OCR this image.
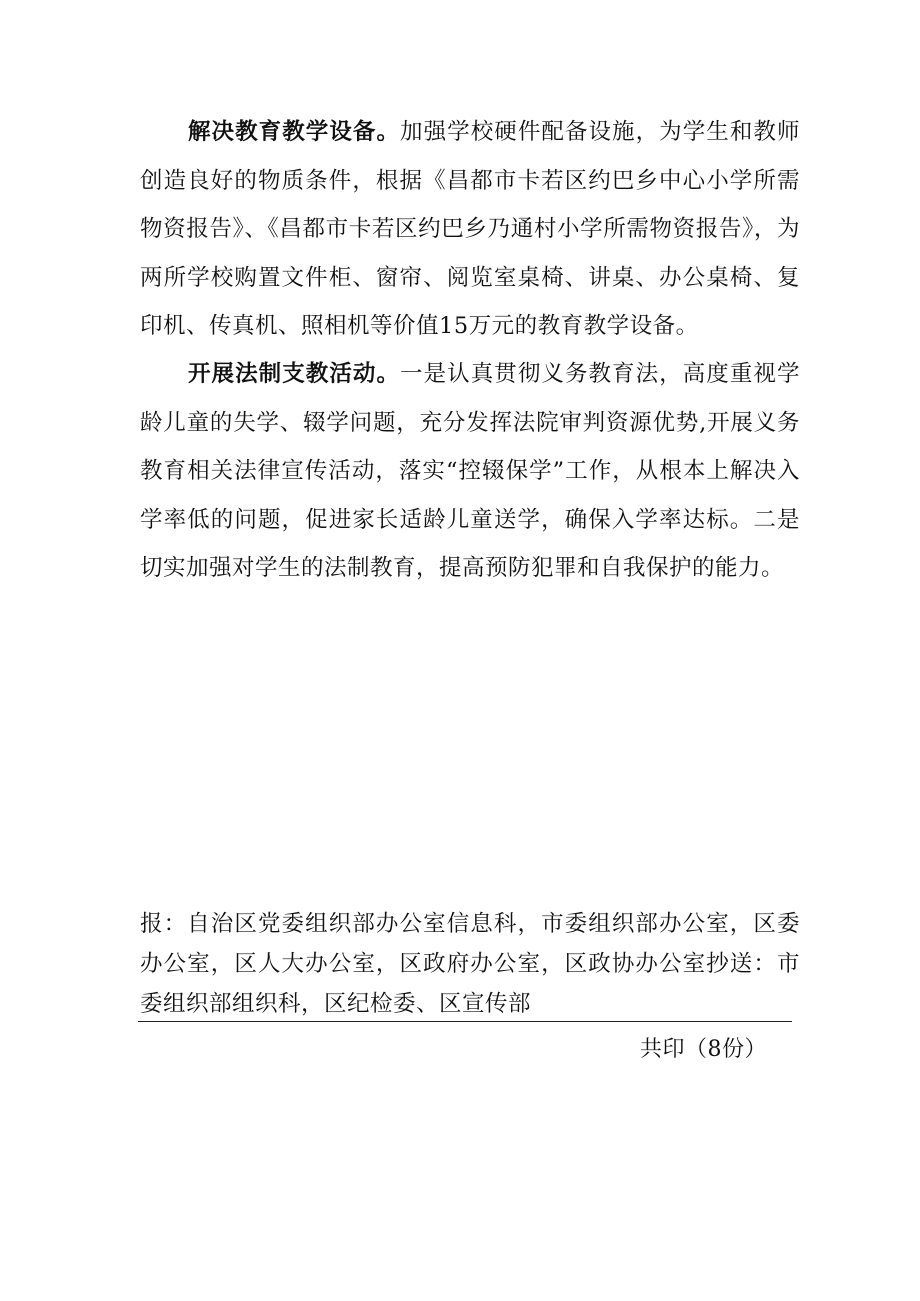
解决教育教学设备。加强学校硬件配备设施，为学生和教师创造良好的物质条件，根据《昌都市卡若区约巴乡中心小学所需物资报告》、《昌都市卡若区约巴乡乃通村小学所需物资报告》，为两所学校购置文件柜、窗帘、阅览室桌椅、讲桌、办公桌椅、复印机、传真机、照相机等价值15万元的教育教学设备。

开展法制支教活动。一是认真贯彻义务教育法，高度重视学龄儿童的失学、辍学问题，充分发挥法院审判资源优势,开展义务教育相关法律宣传活动，落实“控辍保学”工作，从根本上解决入学率低的问题，促进家长适龄儿童送学，确保入学率达标。二是切实加强对学生的法制教育，提高预防犯罪和自我保护的能力。

报：自治区党委组织部办公室信息科，市委组织部办公室，区委办公室，区人大办公室，区政府办公室，区政协办公室抄送：市委组织部组织科，区纪检委、区宣传部

共印（8份）
